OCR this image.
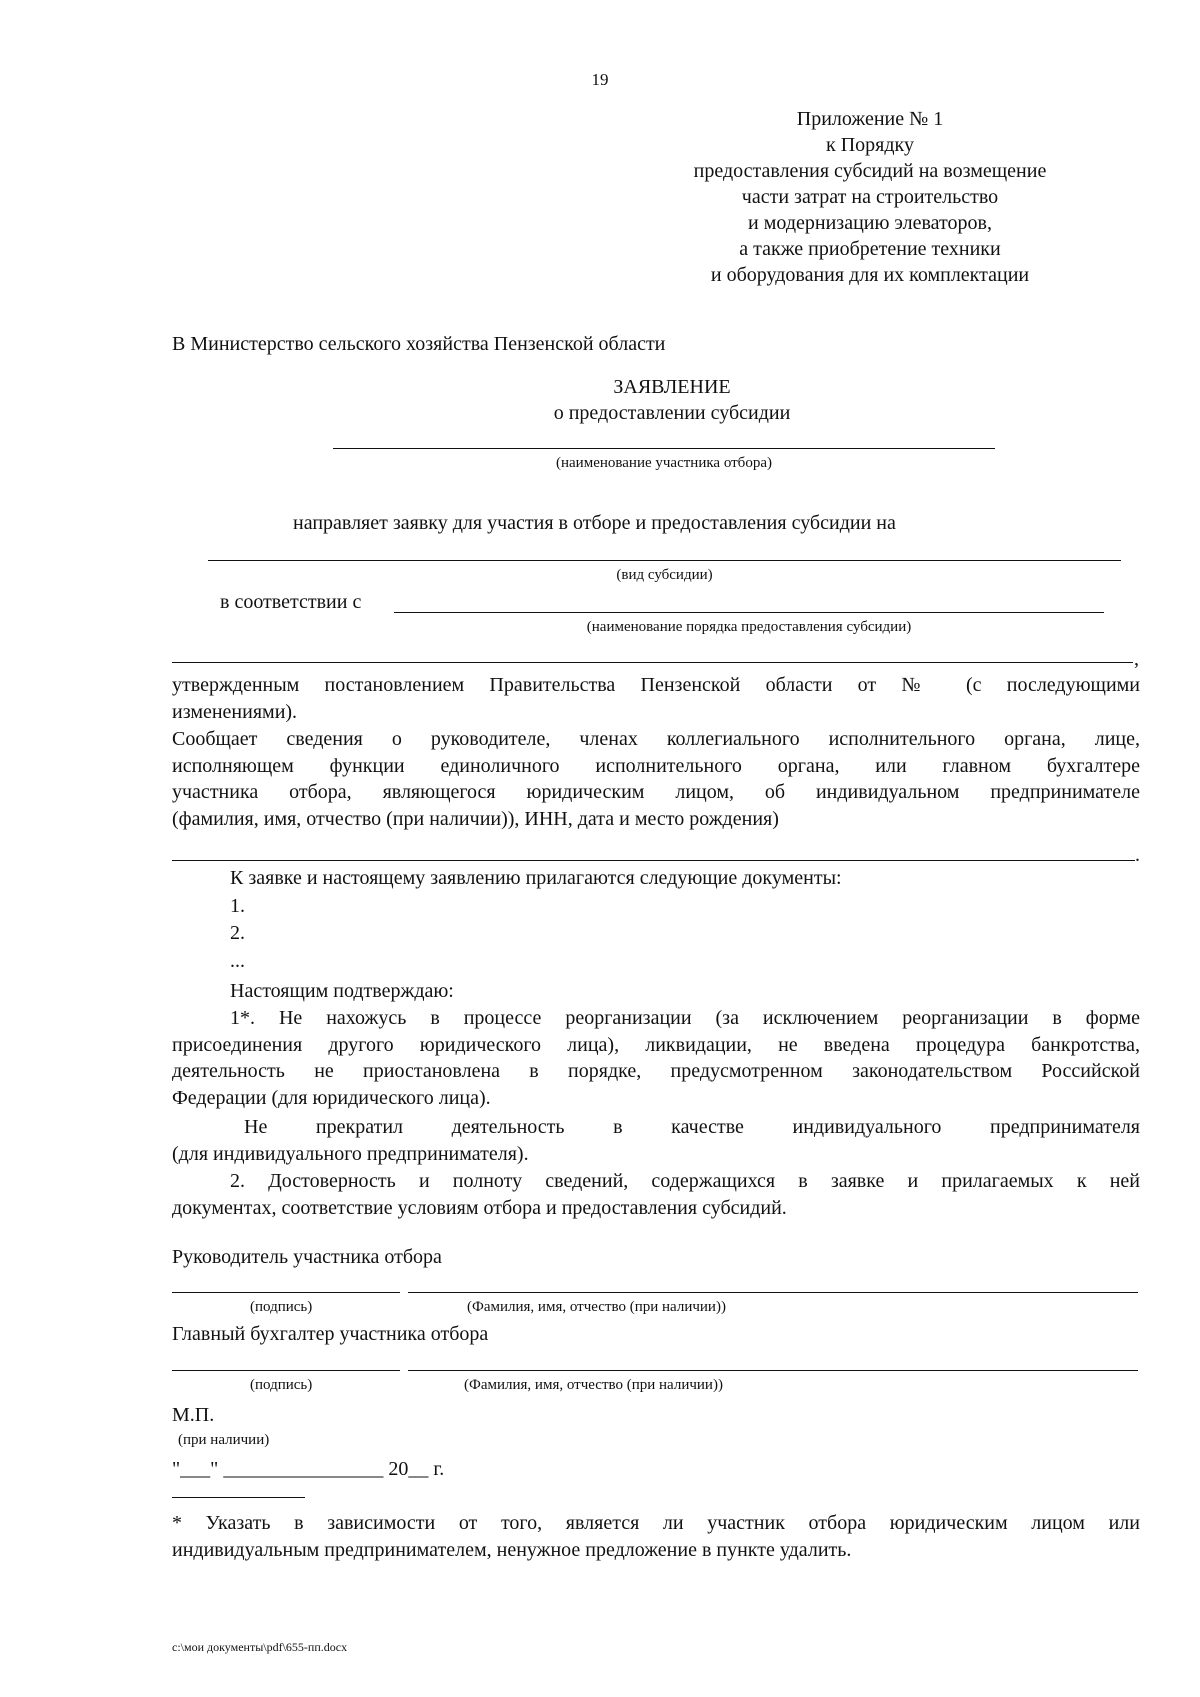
19
Приложение № 1
к Порядку
предоставления субсидий на возмещение
части затрат на строительство
и модернизацию элеваторов,
а также приобретение техники
и оборудования для их комплектации
В Министерство сельского хозяйства Пензенской области
ЗАЯВЛЕНИЕ
о предоставлении субсидии
(наименование участника отбора)
направляет заявку для участия в отборе и предоставления субсидии на
(вид субсидии)
в соответствии с
(наименование порядка предоставления субсидии)
,
утвержденным постановлением Правительства Пензенской области от № (с последующими
изменениями).
Сообщает сведения о руководителе, членах коллегиального исполнительного органа, лице,
исполняющем функции единоличного исполнительного органа, или главном бухгалтере
участника отбора, являющегося юридическим лицом, об индивидуальном предпринимателе
(фамилия, имя, отчество (при наличии)), ИНН, дата и место рождения)
.
К заявке и настоящему заявлению прилагаются следующие документы:
1.
2.
...
Настоящим подтверждаю:
1*. Не нахожусь в процессе реорганизации (за исключением реорганизации в форме
присоединения другого юридического лица), ликвидации, не введена процедура банкротства,
деятельность не приостановлена в порядке, предусмотренном законодательством Российской
Федерации (для юридического лица).
Не прекратил деятельность в качестве индивидуального предпринимателя
(для индивидуального предпринимателя).
2. Достоверность и полноту сведений, содержащихся в заявке и прилагаемых к ней
документах, соответствие условиям отбора и предоставления субсидий.
Руководитель участника отбора
(подпись)	(Фамилия, имя, отчество (при наличии))
Главный бухгалтер участника отбора
(подпись)	(Фамилия, имя, отчество (при наличии))
М.П.
(при наличии)
"___" ________________ 20__ г.
* Указать в зависимости от того, является ли участник отбора юридическим лицом или
индивидуальным предпринимателем, ненужное предложение в пункте удалить.
c:\мои документы\pdf\655-пп.docx
